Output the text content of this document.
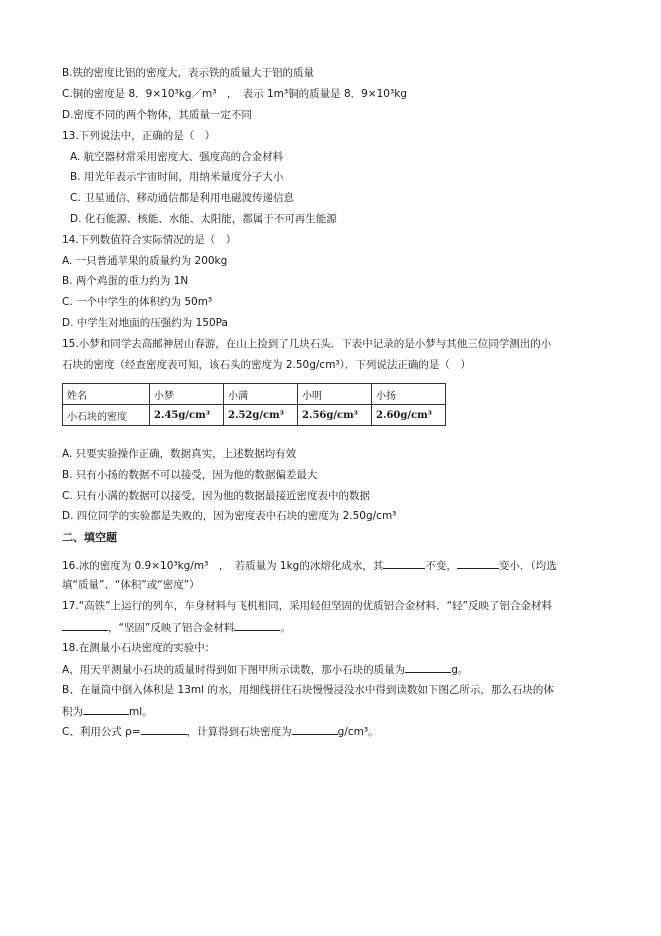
B.铁的密度比铝的密度大，表示铁的质量大于铝的质量
C.铜的密度是 8．9×10³kg／m³　，　表示 1m³铜的质量是 8．9×10³kg
D.密度不同的两个物体，其质量一定不同
13.下列说法中，正确的是（　）
A. 航空器材常采用密度大、强度高的合金材料
B. 用光年表示宇宙时间，用纳米量度分子大小
C. 卫星通信、移动通信都是利用电磁波传递信息
D. 化石能源、核能、水能、太阳能，都属于不可再生能源
14.下列数值符合实际情况的是（　）
A. 一只普通苹果的质量约为 200kg
B. 两个鸡蛋的重力约为 1N
C. 一个中学生的体积约为 50m³
D. 中学生对地面的压强约为 150Pa
15.小梦和同学去高邮神居山春游，在山上捡到了几块石头．下表中记录的是小梦与其他三位同学测出的小
石块的密度（经查密度表可知，该石头的密度为 2.50g/cm³）．下列说法正确的是（　）
姓名	小梦	小满	小明	小扬
小石块的密度	2.45g/cm³	2.52g/cm³	2.56g/cm³	2.60g/cm³
A. 只要实验操作正确，数据真实，上述数据均有效
B. 只有小扬的数据不可以接受，因为他的数据偏差最大
C. 只有小满的数据可以接受，因为他的数据最接近密度表中的数据
D. 四位同学的实验都是失败的，因为密度表中石块的密度为 2.50g/cm³
二、填空题
16.冰的密度为 0.9×10³kg/m³　，　若质量为 1kg的冰熔化成水，其	不变，	变小．（均选
填“质量”、“体积”或“密度”）
17.“高铁”上运行的列车，车身材料与飞机相同，采用轻但坚固的优质铝合金材料．“轻”反映了铝合金材料
，“坚固”反映了铝合金材料	。
18.在测量小石块密度的实验中：
A、用天平测量小石块的质量时得到如下图甲所示读数，那小石块的质量为	g。
B、在量筒中倒入体积是 13ml 的水，用细线拼住石块慢慢浸没水中得到读数如下图乙所示，那么石块的体
积为	ml。
C、利用公式 ρ=	，计算得到石块密度为	g/cm³。
